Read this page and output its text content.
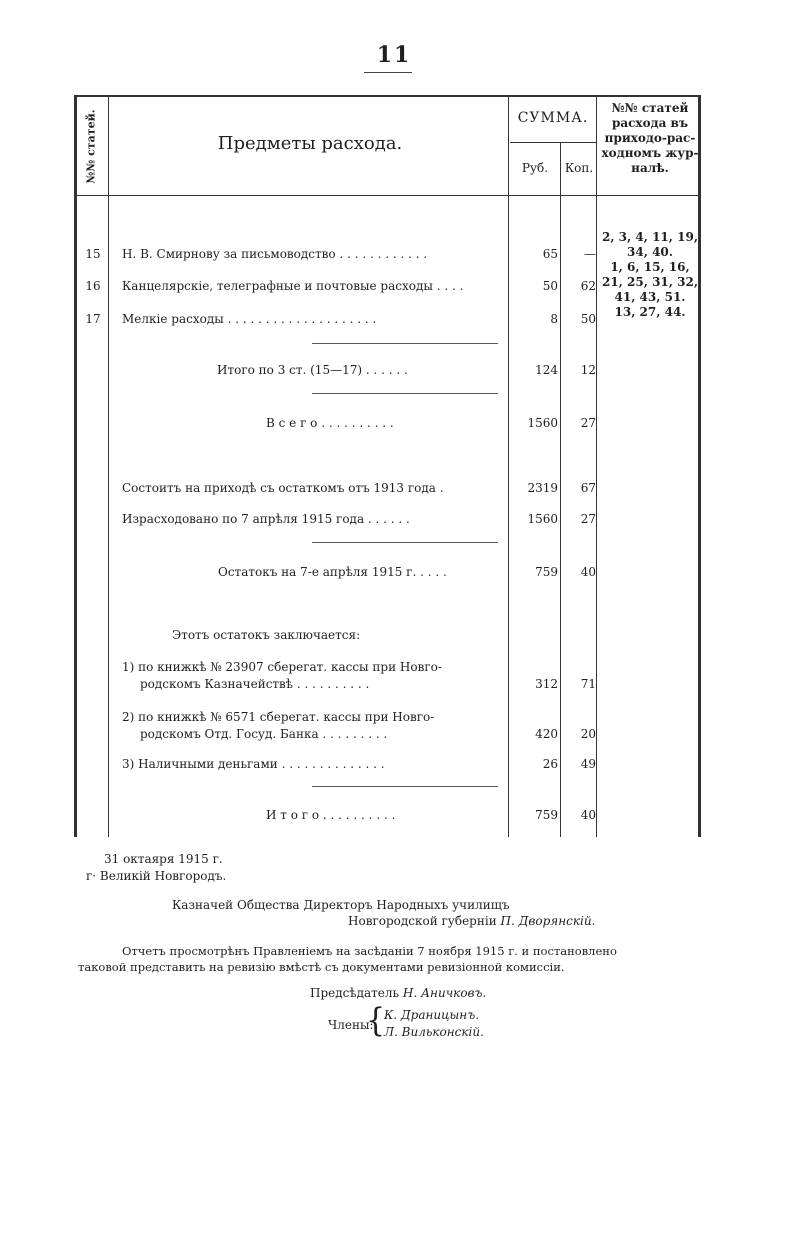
11
№№ статей.	Предметы расхода.
СУММА.
Руб.	Коп.
№№ статей
расхода въ
приходо-рас-
ходномъ жур-
налѣ.
15	Н. В. Смирнову за письмоводство . . . . . . . . . . . .	65	—
16	Канцелярскіе, телеграфные и почтовые расходы . . . .	50	62
17	Мелкіе расходы . . . . . . . . . . . . . . . . . . . .	8	50
2, 3, 4, 11, 19,
34, 40.
1, 6, 15, 16,
21, 25, 31, 32,
41, 43, 51.
13, 27, 44.
Итого по 3 ст. (15—17) . . . . . .	124	12
В с е г о . . . . . . . . . .	1560	27
Состоитъ на приходѣ съ остаткомъ отъ 1913 года .	2319	67
Израсходовано по 7 апрѣля 1915 года . . . . . .	1560	27
Остатокъ на 7-е апрѣля 1915 г. . . . .	759	40
Этотъ остатокъ заключается:
1) по книжкѣ № 23907 сберегат. кассы при Новго-
родскомъ Казначействѣ . . . . . . . . . .	312	71
2) по книжкѣ № 6571 сберегат. кассы при Новго-
родскомъ Отд. Госуд. Банка . . . . . . . . .	420	20
3) Наличными деньгами . . . . . . . . . . . . . .	26	49
И т о г о . . . . . . . . . .	759	40
31 октаяря 1915 г.
г· Великій Новгородъ.
Казначей Общества Директоръ Народныхъ училищъ
Новгородской губерніи П. Дворянскій.
Отчетъ просмотрѣнъ Правленіемъ на засѣданіи 7 ноября 1915 г. и постановлено
таковой представить на ревизію вмѣстѣ съ документами ревизіонной комиссіи.
Предсѣдатель Н. Аничковъ.
Члены:
{
К. Драницынъ.
Л. Вильконскій.
